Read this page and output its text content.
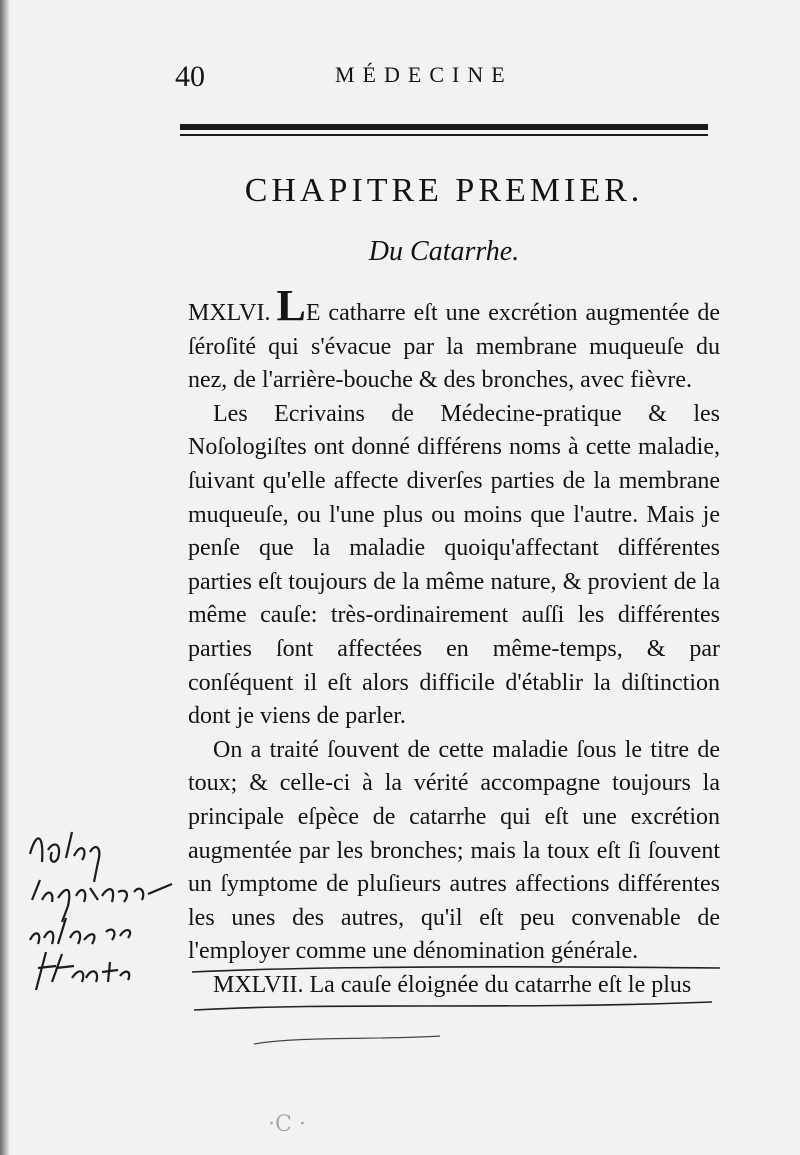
40	MÉDECINE
CHAPITRE PREMIER.
Du Catarrhe.

MXLVI. LE catharre eſt une excrétion augmentée de ſéroſité qui s'évacue par la membrane muqueuſe du nez, de l'arrière-bouche & des bronches, avec fièvre.

Les Ecrivains de Médecine-pratique & les Noſologiſtes ont donné différens noms à cette maladie, ſuivant qu'elle affecte diverſes parties de la membrane muqueuſe, ou l'une plus ou moins que l'autre. Mais je penſe que la maladie quoiqu'affectant différentes parties eſt toujours de la même nature, & provient de la même cauſe: très-ordinairement auſſi les différentes parties ſont affectées en même-temps, & par conſéquent il eſt alors difficile d'établir la diſtinction dont je viens de parler.

On a traité ſouvent de cette maladie ſous le titre de toux; & celle-ci à la vérité accompagne toujours la principale eſpèce de catarrhe qui eſt une excrétion augmentée par les bronches; mais la toux eſt ſi ſouvent un ſymptome de pluſieurs autres affections différentes les unes des autres, qu'il eſt peu convenable de l'employer comme une dénomination générale.

MXLVII. La cauſe éloignée du catarrhe eſt le plus

·C ·
